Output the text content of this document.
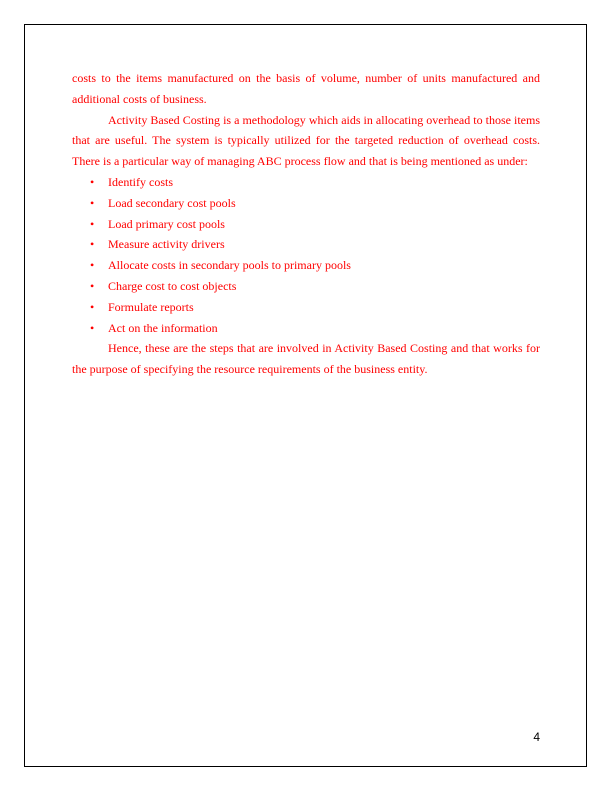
costs to the items manufactured on the basis of volume, number of units manufactured and additional costs of business.

Activity Based Costing is a methodology which aids in allocating overhead to those items that are useful. The system is typically utilized for the targeted reduction of overhead costs. There is a particular way of managing ABC process flow and that is being mentioned as under:

• Identify costs
• Load secondary cost pools
• Load primary cost pools
• Measure activity drivers
• Allocate costs in secondary pools to primary pools
• Charge cost to cost objects
• Formulate reports
• Act on the information

Hence, these are the steps that are involved in Activity Based Costing and that works for the purpose of specifying the resource requirements of the business entity.

4
